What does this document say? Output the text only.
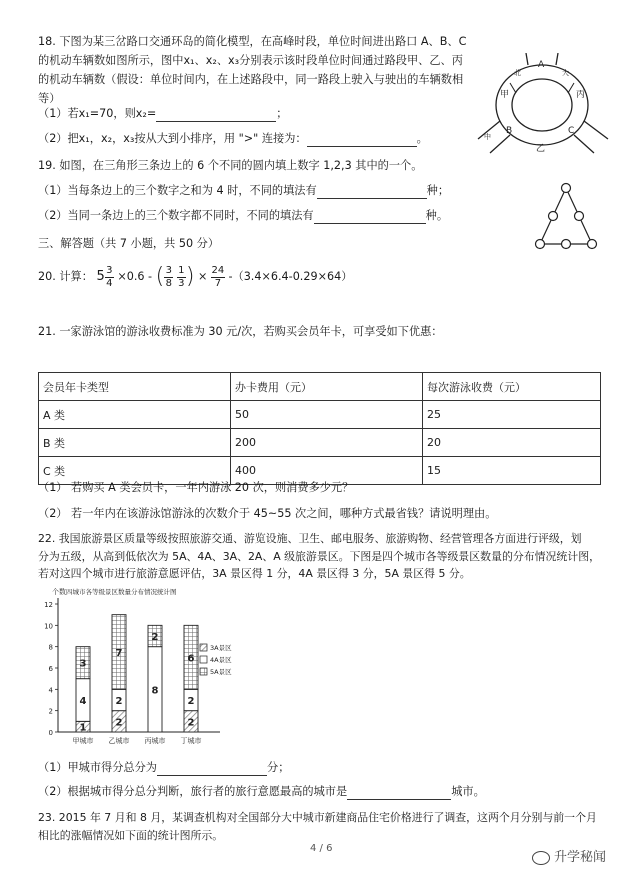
18. 下图为某三岔路口交通环岛的简化模型，在高峰时段，单位时间进出路口 A、B、C
的机动车辆数如图所示，图中x₁、x₂、x₃分别表示该时段单位时间通过路段甲、乙、丙
的机动车辆数（假设：单位时间内，在上述路段中，同一路段上驶入与驶出的车辆数相
等）
（1）若x₁=70，则x₂=	；
（2）把x₁，x₂，x₃按从大到小排序，用 ">" 连接为：	。
甲
乙
丙
A
B	C
北	大
中
19. 如图，在三角形三条边上的 6 个不同的圆内填上数字 1,2,3 其中的一个。
（1）当每条边上的三个数字之和为 4 时，不同的填法有	种；
（2）当同一条边上的三个数字都不同时，不同的填法有	种。
三、解答题（共 7 小题，共 50 分）
20. 计算： $5 \frac{3}{4} \times 0.6$ - ( $\frac{3}{8}$
$\frac{1}{3}$ ) × $\frac{24}{7} -(3.4\times 6.4-0.29\times 64)$
21. 一家游泳馆的游泳收费标准为 30 元/次，若购买会员年卡，可享受如下优惠：
会员年卡类型	办卡费用（元）	每次游泳收费（元）
A 类	50	25
B 类	200	20
C 类	400	15
（1） 若购买 A 类会员卡，一年内游泳 20 次，则消费多少元？
（2） 若一年内在该游泳馆游泳的次数介于 45~55 次之间，哪种方式最省钱？请说明理由。
22. 我国旅游景区质量等级按照旅游交通、游览设施、卫生、邮电服务、旅游购物、经营管理各方面进行评级，划
分为五级，从高到低依次为 5A、4A、3A、2A、A 级旅游景区。下图是四个城市各等级景区数量的分布情况统计图，
若对这四个城市进行旅游意愿评估，3A 景区得 1 分，4A 景区得 3 分，5A 景区得 5 分。
0
2
4
6
8
10
12
个数 四城市各等级景区数量分布情况统计图
1
4
3
甲城市
2
2
7
乙城市
8
2
丙城市
2
2
6
丁城市
3A景区
4A景区
5A景区
（1）甲城市得分总分为	分；
（2）根据城市得分总分判断，旅行者的旅行意愿最高的城市是	城市。
23. 2015 年 7 月和 8 月，某调查机构对全国部分大中城市新建商品住宅价格进行了调查，这两个月分别与前一个月
相比的涨幅情况如下面的统计图所示。
4 / 6
升学秘闻
